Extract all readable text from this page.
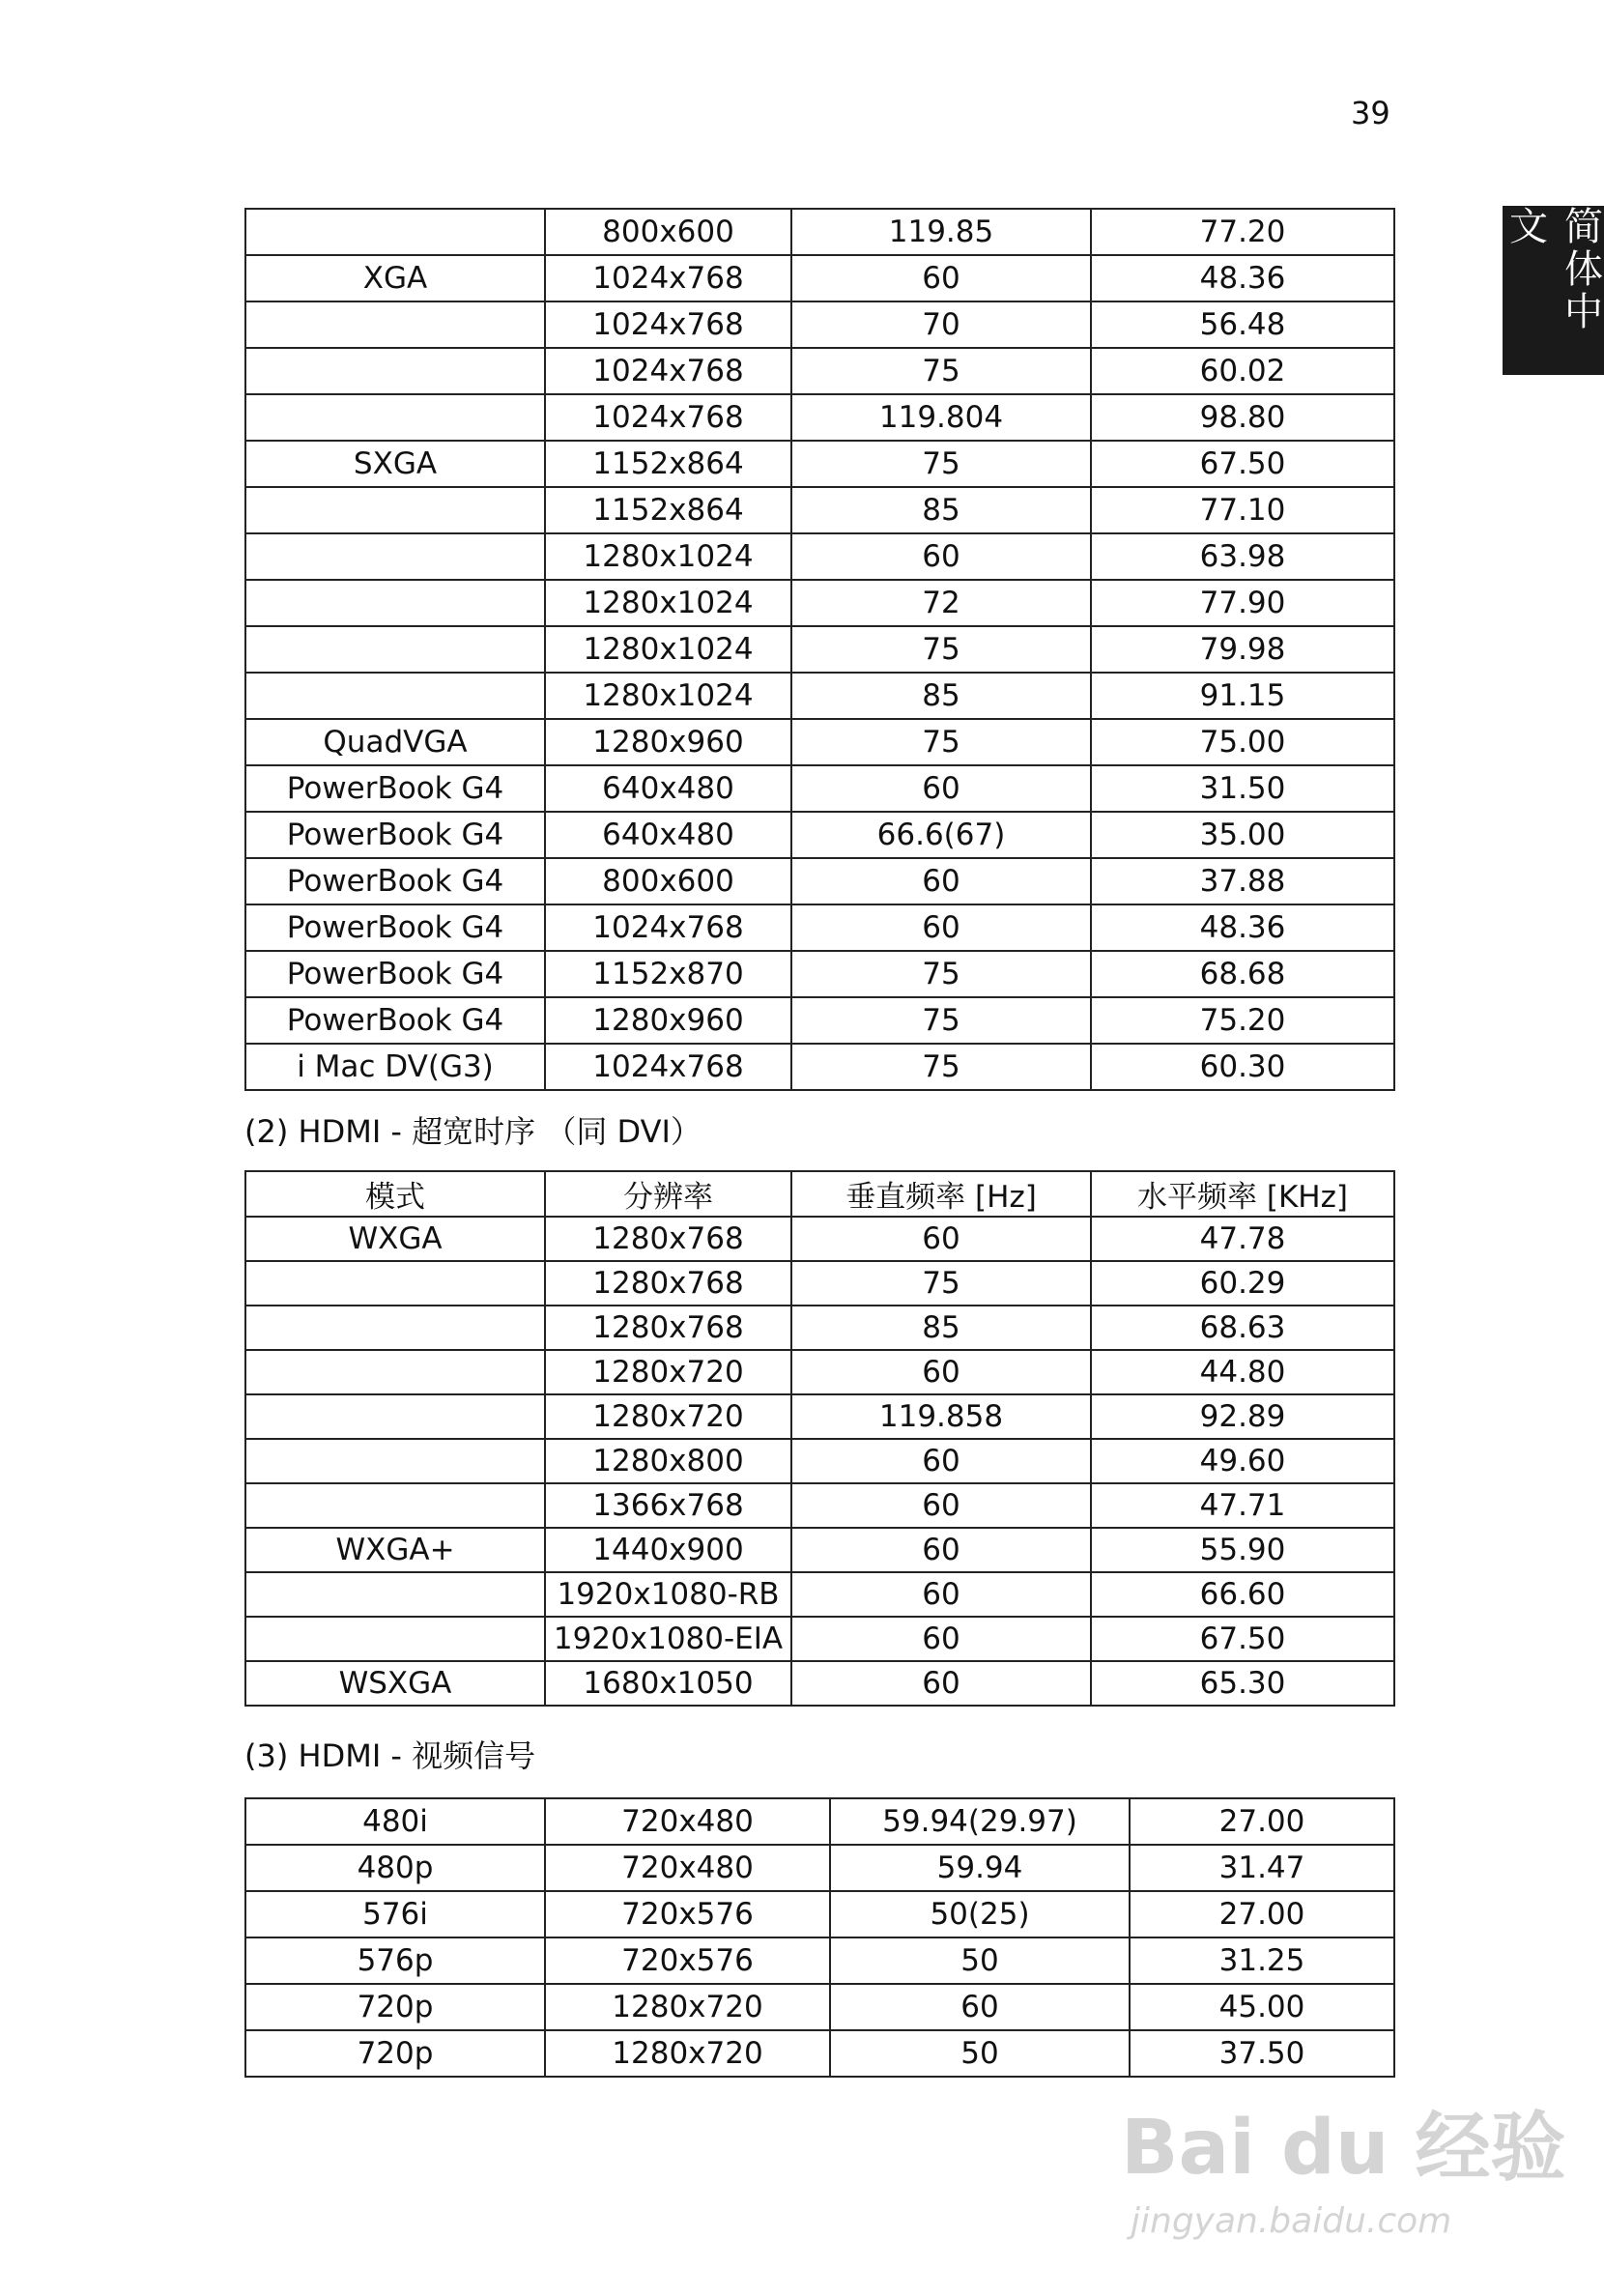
39
简体中文
	800x600	119.85	77.20
XGA	1024x768	60	48.36
	1024x768	70	56.48
	1024x768	75	60.02
	1024x768	119.804	98.80
SXGA	1152x864	75	67.50
	1152x864	85	77.10
	1280x1024	60	63.98
	1280x1024	72	77.90
	1280x1024	75	79.98
	1280x1024	85	91.15
QuadVGA	1280x960	75	75.00
PowerBook G4	640x480	60	31.50
PowerBook G4	640x480	66.6(67)	35.00
PowerBook G4	800x600	60	37.88
PowerBook G4	1024x768	60	48.36
PowerBook G4	1152x870	75	68.68
PowerBook G4	1280x960	75	75.20
i Mac DV(G3)	1024x768	75	60.30
(2) HDMI - 超宽时序 （同 DVI）
模式	分辨率	垂直频率 [Hz]	水平频率 [KHz]
WXGA	1280x768	60	47.78
	1280x768	75	60.29
	1280x768	85	68.63
	1280x720	60	44.80
	1280x720	119.858	92.89
	1280x800	60	49.60
	1366x768	60	47.71
WXGA+	1440x900	60	55.90
	1920x1080-RB	60	66.60
	1920x1080-EIA	60	67.50
WSXGA	1680x1050	60	65.30
(3) HDMI - 视频信号
480i	720x480	59.94(29.97)	27.00
480p	720x480	59.94	31.47
576i	720x576	50(25)	27.00
576p	720x576	50	31.25
720p	1280x720	60	45.00
720p	1280x720	50	37.50
Bai du 经验
jingyan.baidu.com
